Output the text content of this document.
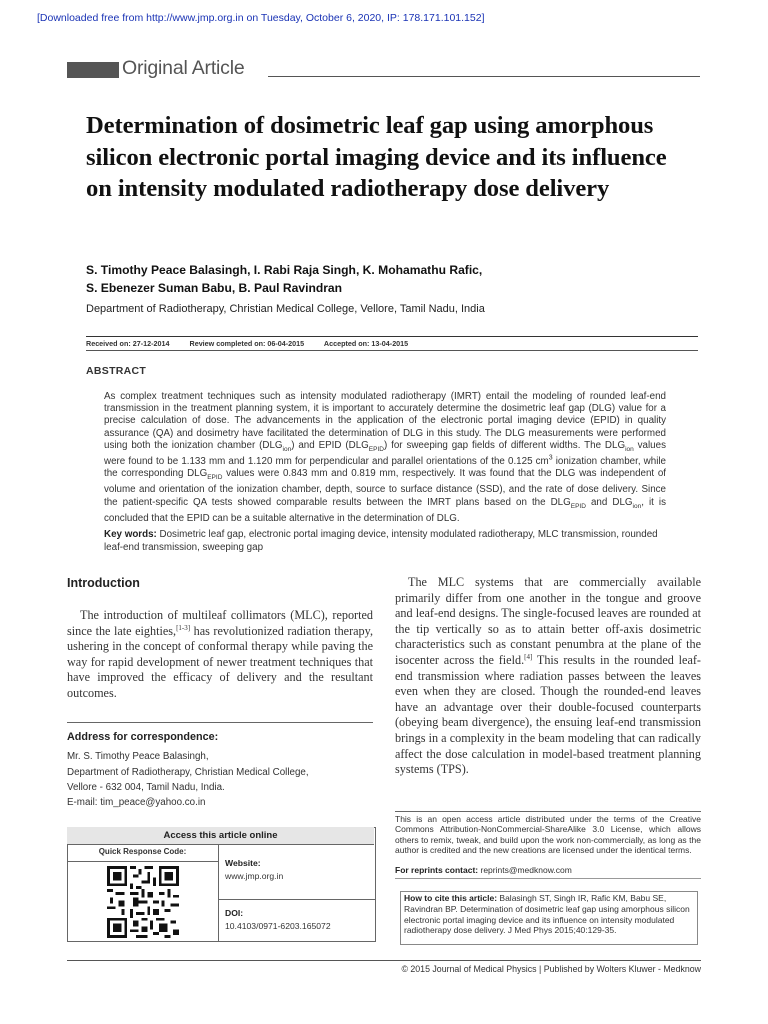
[Downloaded free from http://www.jmp.org.in on Tuesday, October 6, 2020, IP: 178.171.101.152]
Original Article
Determination of dosimetric leaf gap using amorphous silicon electronic portal imaging device and its influence on intensity modulated radiotherapy dose delivery
S. Timothy Peace Balasingh, I. Rabi Raja Singh, K. Mohamathu Rafic,
S. Ebenezer Suman Babu, B. Paul Ravindran
Department of Radiotherapy, Christian Medical College, Vellore, Tamil Nadu, India
Received on: 27-12-2014	Review completed on: 06-04-2015	Accepted on: 13-04-2015
ABSTRACT
As complex treatment techniques such as intensity modulated radiotherapy (IMRT) entail the modeling of rounded leaf-end transmission in the treatment planning system, it is important to accurately determine the dosimetric leaf gap (DLG) value for a precise calculation of dose. The advancements in the application of the electronic portal imaging device (EPID) in quality assurance (QA) and dosimetry have facilitated the determination of DLG in this study. The DLG measurements were performed using both the ionization chamber $(DLG_{ion})$ and EPID $(DLG_{EPID})$ for sweeping gap fields of different widths. The $DLG_{ion}$ values were found to be 1.133 mm and 1.120 mm for perpendicular and parallel orientations of the 0.125 $cm^3$ ionization chamber, while the corresponding $DLG_{EPID}$ values were 0.843 mm and 0.819 mm, respectively. It was found that the DLG was independent of volume and orientation of the ionization chamber, depth, source to surface distance (SSD), and the rate of dose delivery. Since the patient-specific QA tests showed comparable results between the IMRT plans based on the $DLG_{EPID}$ and $DLG_{ion}$, it is concluded that the EPID can be a suitable alternative in the determination of DLG.
Key words: Dosimetric leaf gap, electronic portal imaging device, intensity modulated radiotherapy, MLC transmission, rounded leaf-end transmission, sweeping gap
Introduction
The introduction of multileaf collimators (MLC), reported since the late eighties,[1-3] has revolutionized radiation therapy, ushering in the concept of conformal therapy while paving the way for rapid development of newer treatment techniques that have improved the efficacy of delivery and the resultant outcomes.
The MLC systems that are commercially available primarily differ from one another in the tongue and groove and leaf-end designs. The single-focused leaves are rounded at the tip vertically so as to attain better off-axis dosimetric characteristics such as constant penumbra at the plane of the isocenter across the field.[4] This results in the rounded leaf-end transmission where radiation passes between the leaves even when they are closed. Though the rounded-end leaves have an advantage over their double-focused counterparts (obeying beam divergence), the ensuing leaf-end transmission brings in a complexity in the beam modeling that can radically affect the dose calculation in model-based treatment planning systems (TPS).
Address for correspondence:
Mr. S. Timothy Peace Balasingh,
Department of Radiotherapy, Christian Medical College,
Vellore - 632 004, Tamil Nadu, India.
E-mail: tim_peace@yahoo.co.in
Access this article online
Quick Response Code:
Website:
www.jmp.org.in
DOI:
10.4103/0971-6203.165072
This is an open access article distributed under the terms of the Creative Commons Attribution-NonCommercial-ShareAlike 3.0 License, which allows others to remix, tweak, and build upon the work non-commercially, as long as the author is credited and the new creations are licensed under the identical terms.
For reprints contact: reprints@medknow.com
How to cite this article: Balasingh ST, Singh IR, Rafic KM, Babu SE, Ravindran BP. Determination of dosimetric leaf gap using amorphous silicon electronic portal imaging device and its influence on intensity modulated radiotherapy dose delivery. J Med Phys 2015;40:129-35.
© 2015 Journal of Medical Physics | Published by Wolters Kluwer - Medknow
